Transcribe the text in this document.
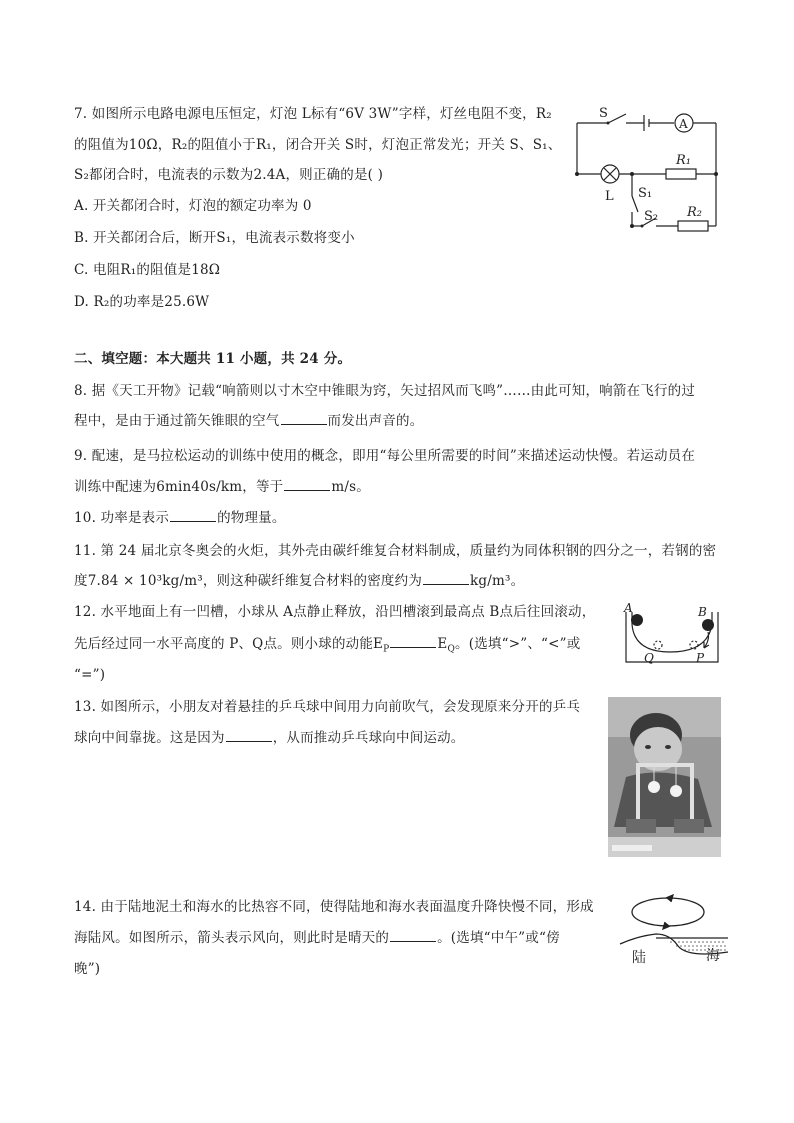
7. 如图所示电路电源电压恒定，灯泡 L标有“6V 3W”字样，灯丝电阻不变，R₂
的阻值为10Ω，R₂的阻值小于R₁，闭合开关 S时，灯泡正常发光；开关 S、S₁、
S₂都闭合时，电流表的示数为2.4A，则正确的是( )
A. 开关都闭合时，灯泡的额定功率为 0
B. 开关都闭合后，断开S₁，电流表示数将变小
C. 电阻R₁的阻值是18Ω
D. R₂的功率是25.6W
S
A
R₁
L S₁
S₂ R₂
二、填空题：本大题共 11 小题，共 24 分。
8. 据《天工开物》记载“响箭则以寸木空中锥眼为窍，矢过招风而飞鸣”……由此可知，响箭在飞行的过
程中，是由于通过箭矢锥眼的空气	而发出声音的。
9. 配速，是马拉松运动的训练中使用的概念，即用“每公里所需要的时间”来描述运动快慢。若运动员在
训练中配速为6min40s/km，等于	m/s。
10. 功率是表示	的物理量。
11. 第 24 届北京冬奥会的火炬，其外壳由碳纤维复合材料制成，质量约为同体积钢的四分之一，若钢的密
度7.84 × 10³kg/m³，则这种碳纤维复合材料的密度约为	kg/m³。
12. 水平地面上有一凹槽，小球从 A点静止释放，沿凹槽滚到最高点 B点后往回滚动，
先后经过同一水平高度的 P、Q点。则小球的动能$E_P$	$E_Q$。(选填“>”、“<”或
“=”)
A	B
Q	P
13. 如图所示，小朋友对着悬挂的乒乓球中间用力向前吹气，会发现原来分开的乒乓
球向中间靠拢。这是因为	，从而推动乒乓球向中间运动。
14. 由于陆地泥土和海水的比热容不同，使得陆地和海水表面温度升降快慢不同，形成
海陆风。如图所示，箭头表示风向，则此时是晴天的	。(选填“中午”或“傍
晚”)
陆	海
